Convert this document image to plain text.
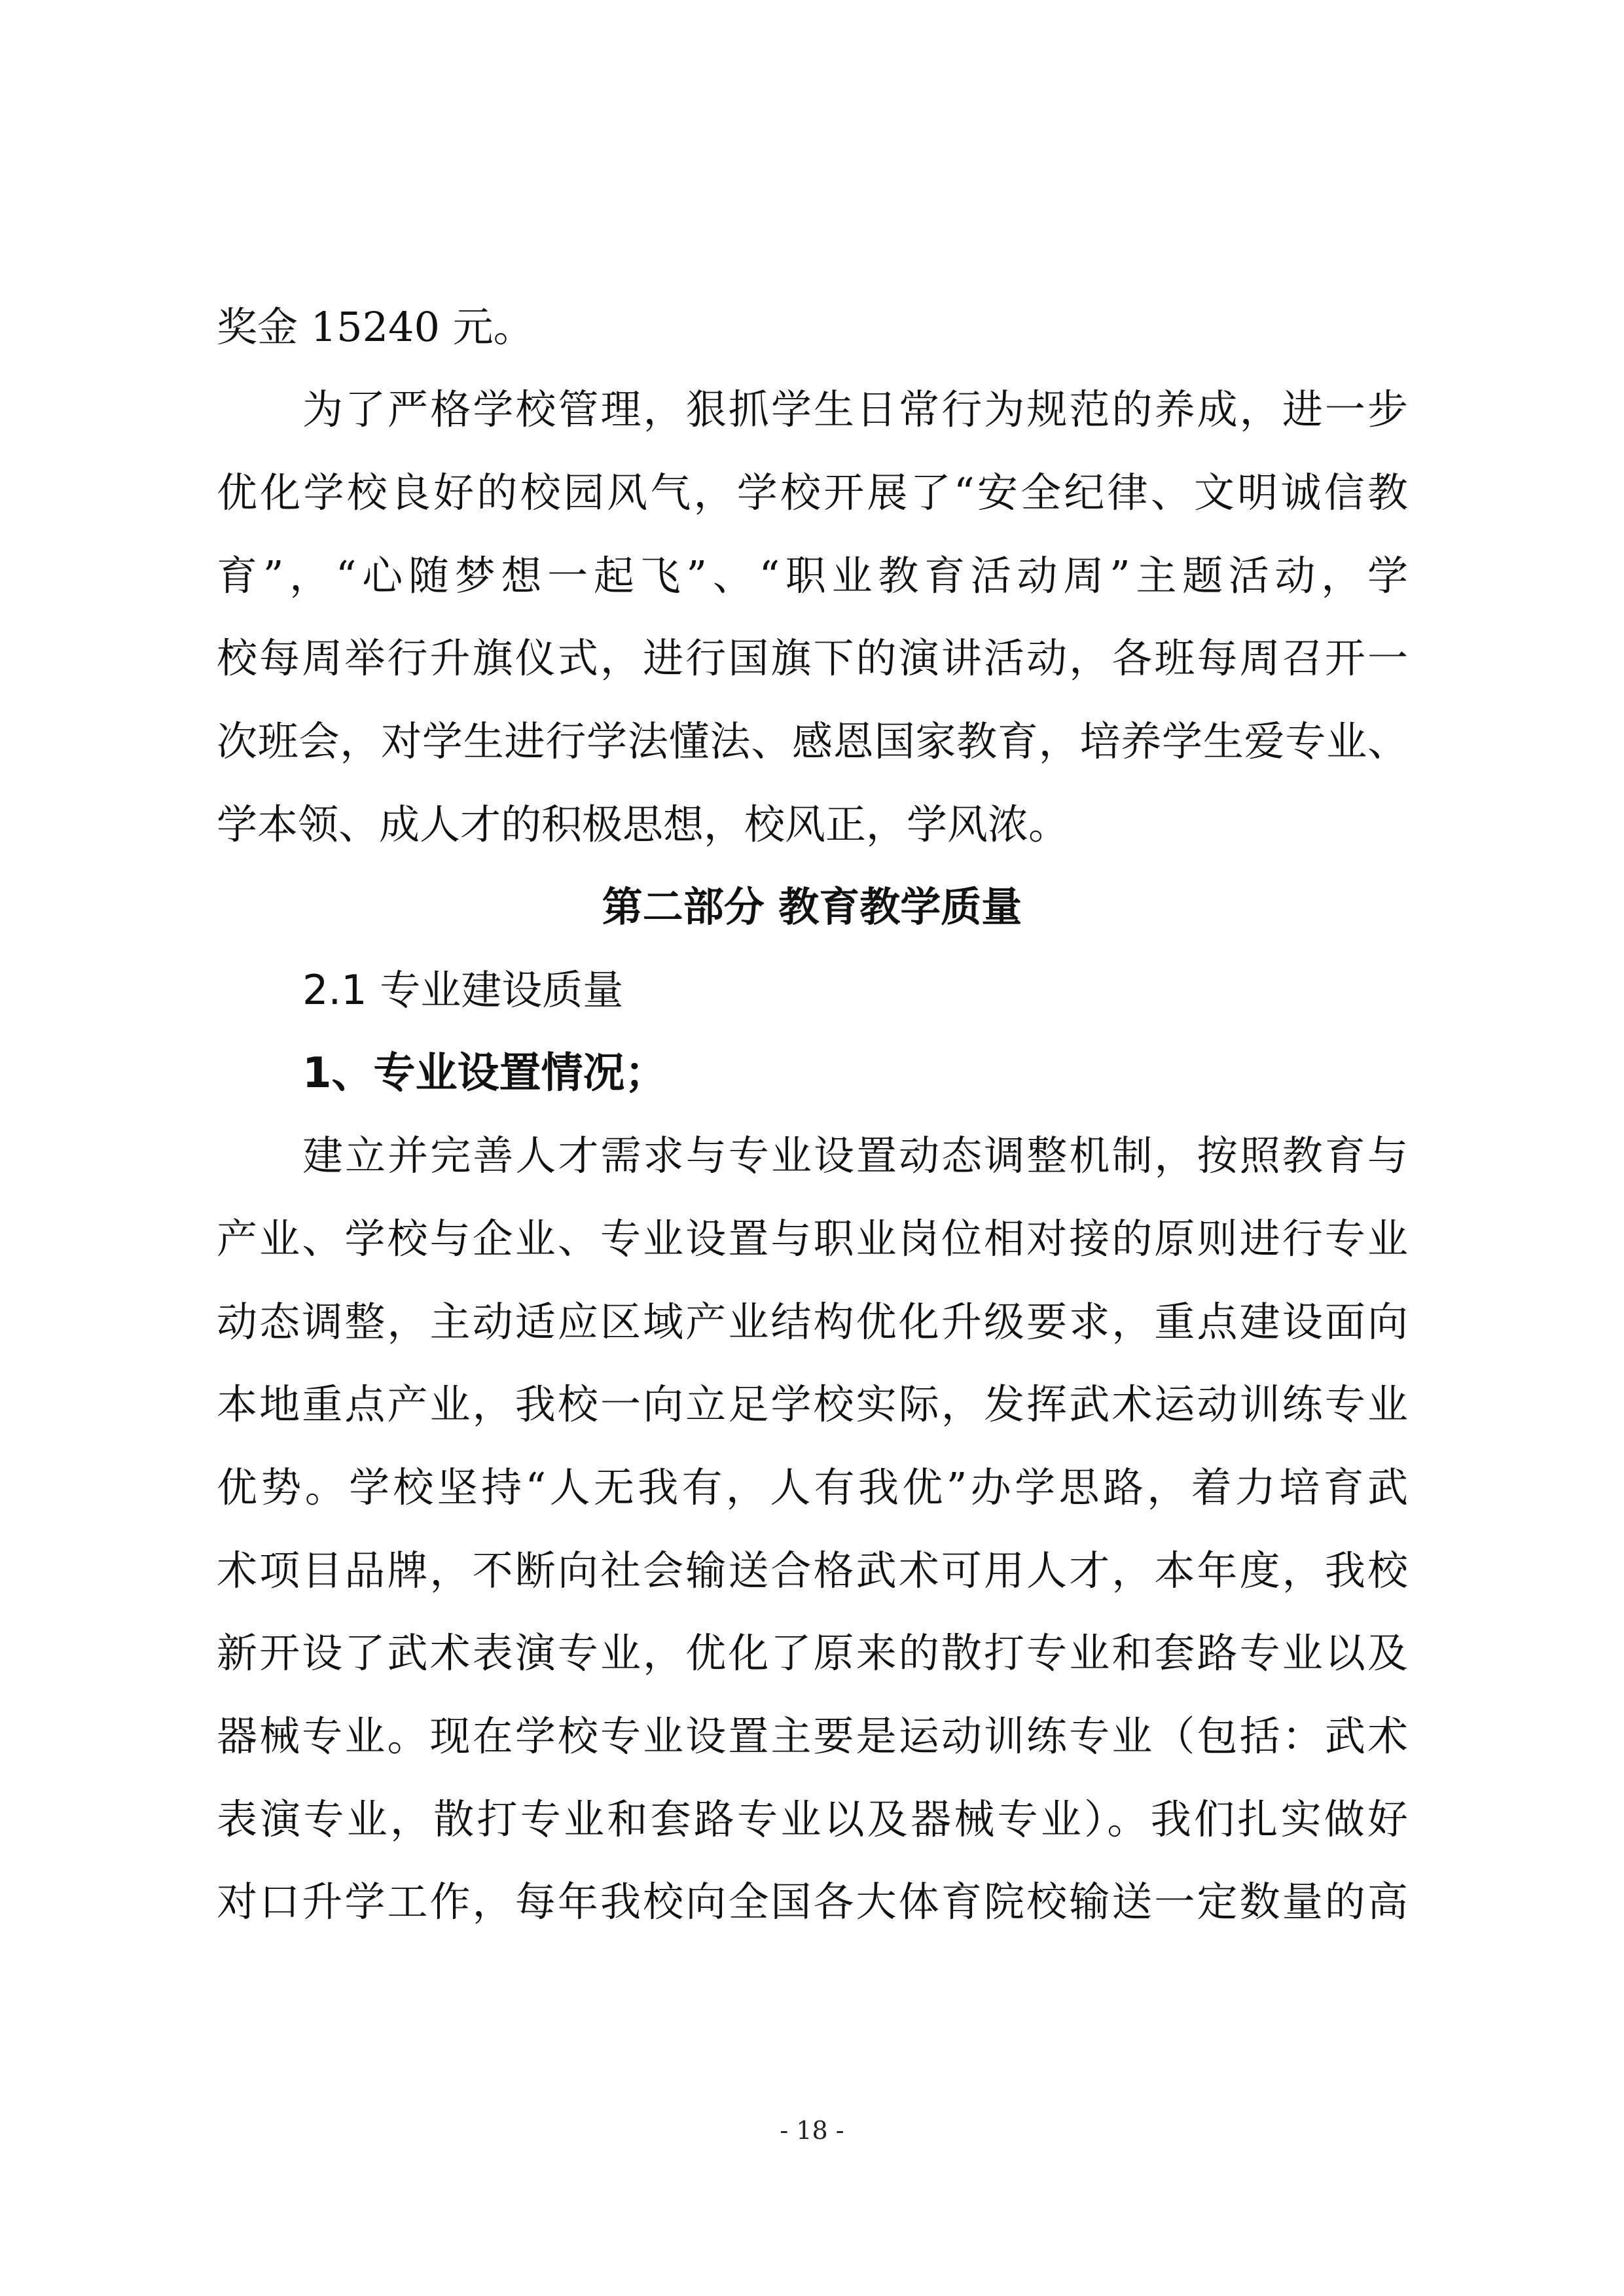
奖金 15240 元。
为了严格学校管理，狠抓学生日常行为规范的养成，进一步
优化学校良好的校园风气，学校开展了“安全纪律、文明诚信教
育”，“心随梦想一起飞”、“职业教育活动周”主题活动，学
校每周举行升旗仪式，进行国旗下的演讲活动，各班每周召开一
次班会，对学生进行学法懂法、感恩国家教育，培养学生爱专业、
学本领、成人才的积极思想，校风正，学风浓。
第二部分 教育教学质量
2.1 专业建设质量
1、专业设置情况；
建立并完善人才需求与专业设置动态调整机制，按照教育与
产业、学校与企业、专业设置与职业岗位相对接的原则进行专业
动态调整，主动适应区域产业结构优化升级要求，重点建设面向
本地重点产业，我校一向立足学校实际，发挥武术运动训练专业
优势。学校坚持“人无我有，人有我优”办学思路，着力培育武
术项目品牌，不断向社会输送合格武术可用人才，本年度，我校
新开设了武术表演专业，优化了原来的散打专业和套路专业以及
器械专业。现在学校专业设置主要是运动训练专业（包括：武术
表演专业，散打专业和套路专业以及器械专业）。我们扎实做好
对口升学工作，每年我校向全国各大体育院校输送一定数量的高
- 18 -
